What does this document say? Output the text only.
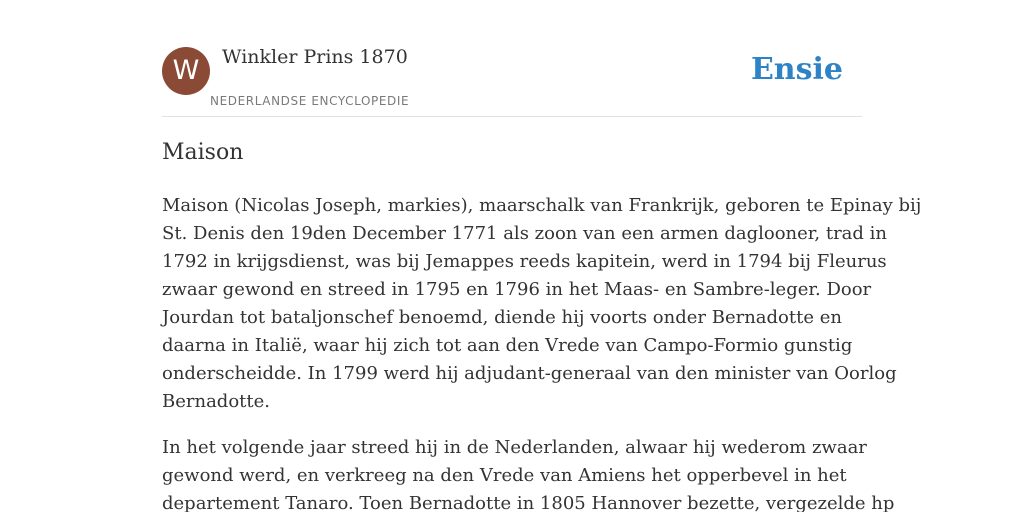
W	Winkler Prins 1870
NEDERLANDSE ENCYCLOPEDIE
Ensie
Maison

Maison (Nicolas Joseph, markies), maarschalk van Frankrijk, geboren te Epinay bij
St. Denis den 19den December 1771 als zoon van een armen daglooner, trad in
1792 in krijgsdienst, was bij Jemappes reeds kapitein, werd in 1794 bij Fleurus
zwaar gewond en streed in 1795 en 1796 in het Maas- en Sambre-leger. Door
Jourdan tot bataljonschef benoemd, diende hij voorts onder Bernadotte en
daarna in Italië, waar hij zich tot aan den Vrede van Campo-Formio gunstig
onderscheidde. In 1799 werd hij adjudant-generaal van den minister van Oorlog
Bernadotte.

In het volgende jaar streed hij in de Nederlanden, alwaar hij wederom zwaar
gewond werd, en verkreeg na den Vrede van Amiens het opperbevel in het
departement Tanaro. Toen Bernadotte in 1805 Hannover bezette, vergezelde hp
